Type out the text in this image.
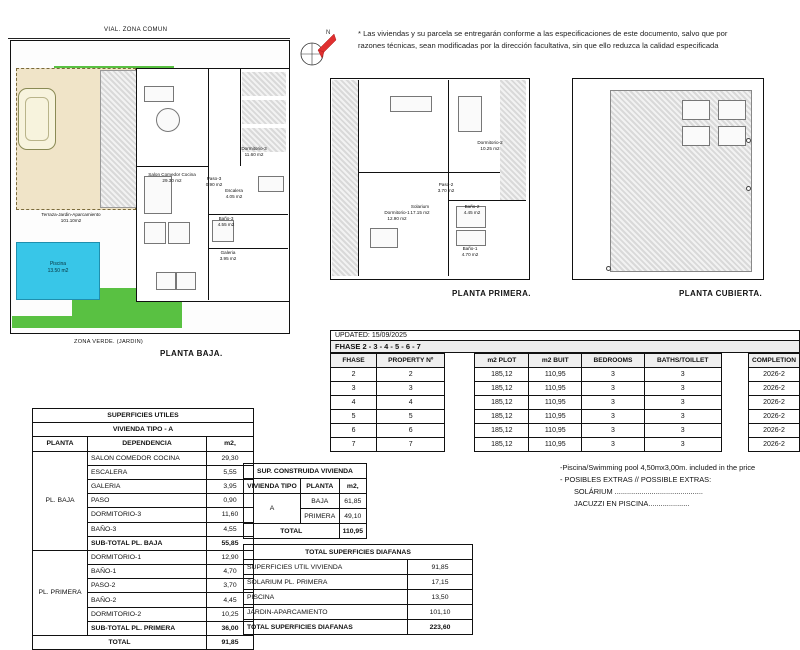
* Las viviendas y su parcela se entregarán conforme a las especificaciones de este documento, salvo que por
razones técnicas, sean modificadas por la dirección facultativa, sin que ello reduzca la calidad especificada
N
VIAL. ZONA COMUN
Piscina
13.50 m2
Terraza-Jardin-Aparcamiento
101.10m2
Salon Comedor Cocina
29.30 m2
Dormitorio-3
11.60 m2
Paso-3
0.90 m2
Escalera
4.05 m2
Baño-3
4.55 m2
Galeria
3.95 m2
ZONA VERDE. (JARDIN)
PLANTA BAJA.
Solarium
17.15 m2
Dormitorio-2
10.25 m2
Paso-2
3.70 m2
Baño-2
4.45 m2
Dormitorio-1
12.90 m2
Baño-1
4.70 m2
PLANTA PRIMERA.	PLANTA CUBIERTA.
UPDATED: 15/09/2025
FHASE 2 - 3 - 4 - 5 - 6 - 7
FHASE	PROPERTY Nº		m2 PLOT	m2 BUIT	BEDROOMS	BATHS/TOILLET		COMPLETION
2	2		185,12	110,95	3	3		2026-2
3	3		185,12	110,95	3	3		2026-2
4	4		185,12	110,95	3	3		2026-2
5	5		185,12	110,95	3	3		2026-2
6	6		185,12	110,95	3	3		2026-2
7	7		185,12	110,95	3	3		2026-2
SUPERFICIES UTILES		
VIVIENDA TIPO - A		
PLANTA	DEPENDENCIA	m2,
PL. BAJA	SALON COMEDOR COCINA	29,30
	ESCALERA	5,55
	GALERIA	3,95
	PASO	0,90
	DORMITORIO-3	11,60
	BAÑO-3	4,55
	SUB-TOTAL PL. BAJA	55,85
PL. PRIMERA	DORMITORIO-1	12,90
	BAÑO-1	4,70
	PASO-2	3,70
	BAÑO-2	4,45
	DORMITORIO-2	10,25
	SUB-TOTAL PL. PRIMERA	36,00
TOTAL		91,85
SUP. CONSTRUIDA VIVIENDA		
VIVIENDA TIPO	PLANTA	m2,
A	BAJA	61,85
	PRIMERA	49,10
TOTAL		110,95
TOTAL SUPERFICIES DIAFANAS	
SUPERFICIES UTIL VIVIENDA	91,85
SOLARIUM PL. PRIMERA	17,15
PISCINA	13,50
JARDIN-APARCAMIENTO	101,10
TOTAL SUPERFICIES DIAFANAS	223,60
-Piscina/Swimming pool 4,50mx3,00m. included in the price
- POSIBLES EXTRAS // POSSIBLE EXTRAS:
SOLÁRIUM ...........................................
JACUZZI EN PISCINA....................
